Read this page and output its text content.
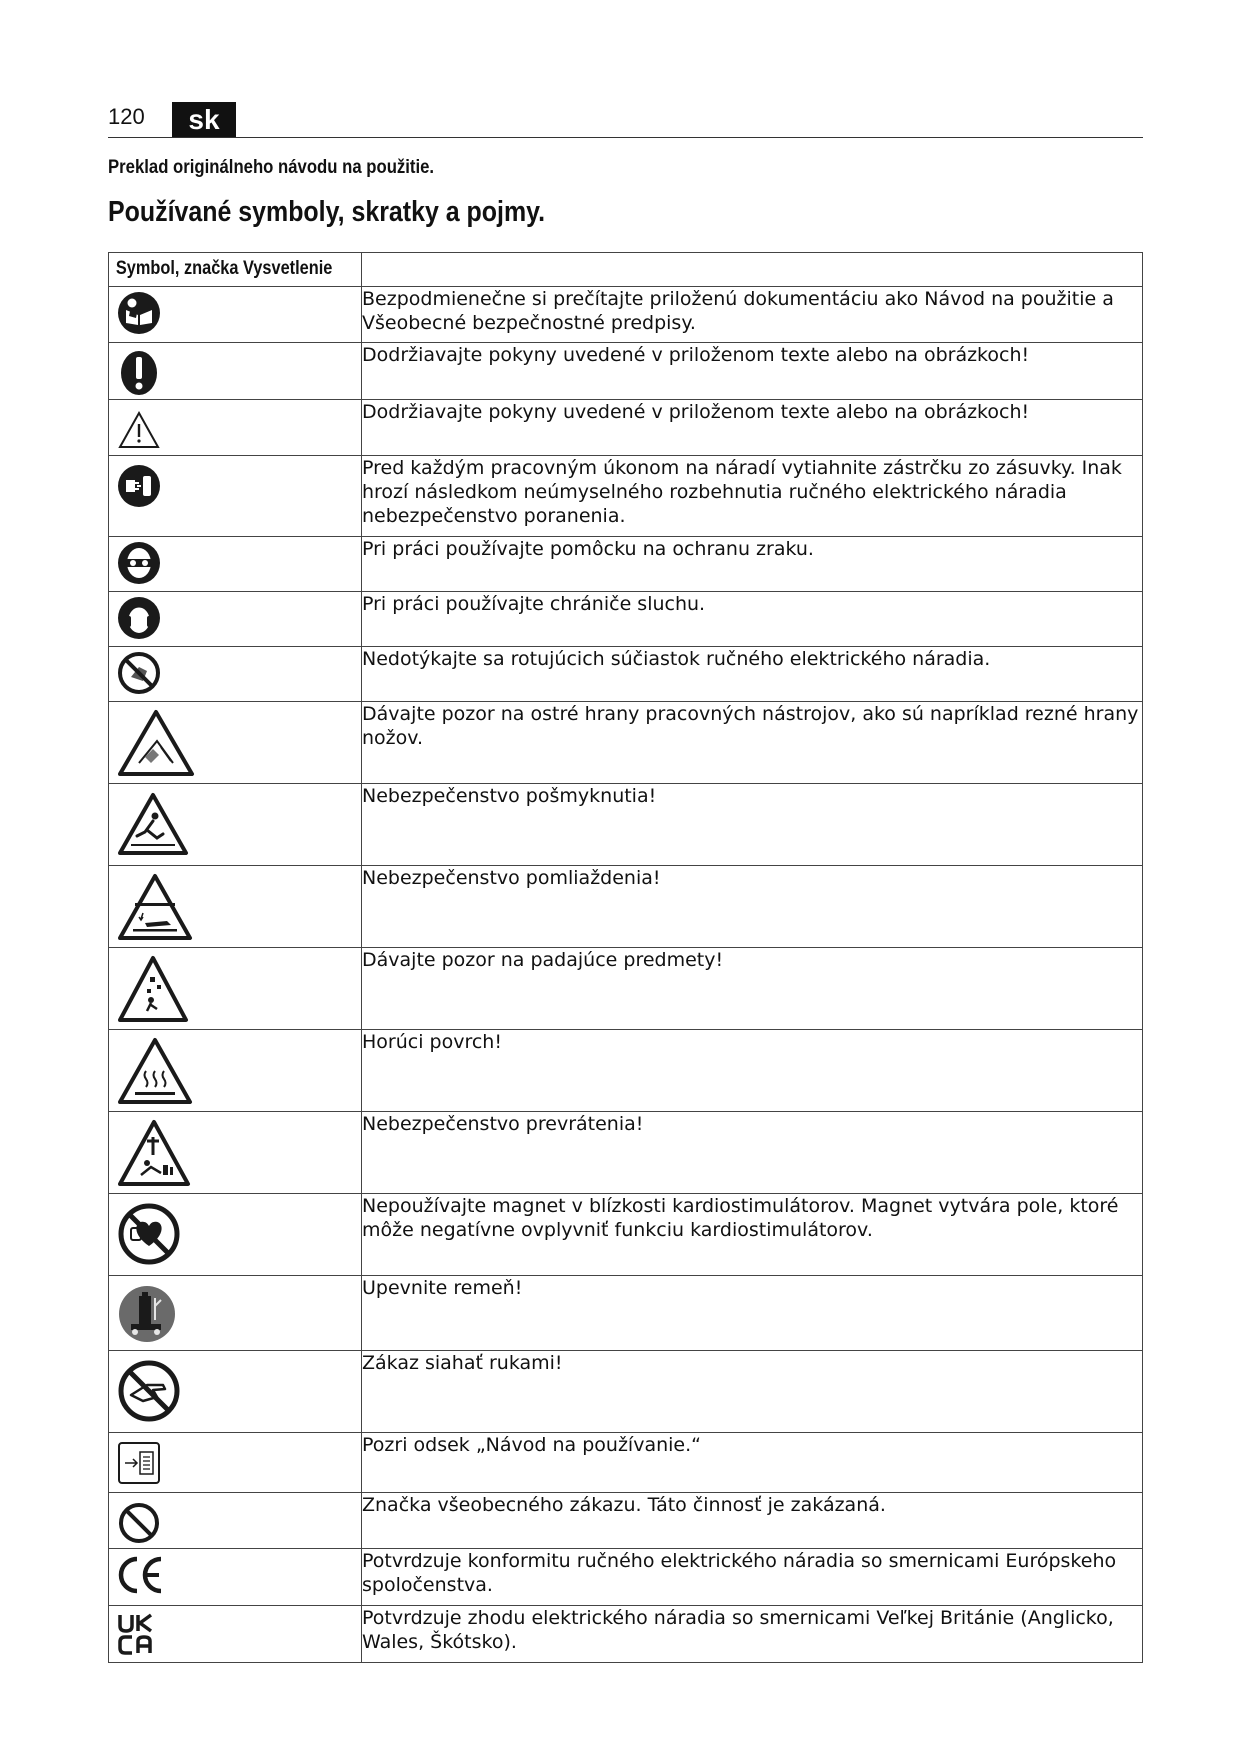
120	sk
Preklad originálneho návodu na použitie.
Používané symboly, skratky a pojmy.
Symbol, značka Vysvetlenie	

	Bezpodmienečne si prečítajte priloženú dokumentáciu ako Návod na použitie a Všeobecné bezpečnostné predpisy.

	Dodržiavajte pokyny uvedené v priloženom texte alebo na obrázkoch!

	Dodržiavajte pokyny uvedené v priloženom texte alebo na obrázkoch!

	Pred každým pracovným úkonom na náradí vytiahnite zástrčku zo zásuvky. Inak hrozí následkom neúmyselného rozbehnutia ručného elektrického náradia nebezpečenstvo poranenia.

	Pri práci používajte pomôcku na ochranu zraku.

	Pri práci používajte chrániče sluchu.

	Nedotýkajte sa rotujúcich súčiastok ručného elektrického náradia.

	Dávajte pozor na ostré hrany pracovných nástrojov, ako sú napríklad rezné hrany nožov.

	Nebezpečenstvo pošmyknutia!

	Nebezpečenstvo pomliaždenia!

	Dávajte pozor na padajúce predmety!

	Horúci povrch!

	Nebezpečenstvo prevrátenia!

	Nepoužívajte magnet v blízkosti kardiostimulátorov. Magnet vytvára pole, ktoré môže negatívne ovplyvniť funkciu kardiostimulátorov.

	Upevnite remeň!

	Zákaz siahať rukami!

	Pozri odsek „Návod na používanie.“

	Značka všeobecného zákazu. Táto činnosť je zakázaná.

	Potvrdzuje konformitu ručného elektrického náradia so smernicami Európskeho spoločenstva.

	Potvrdzuje zhodu elektrického náradia so smernicami Veľkej Británie (Anglicko, Wales, Škótsko).
